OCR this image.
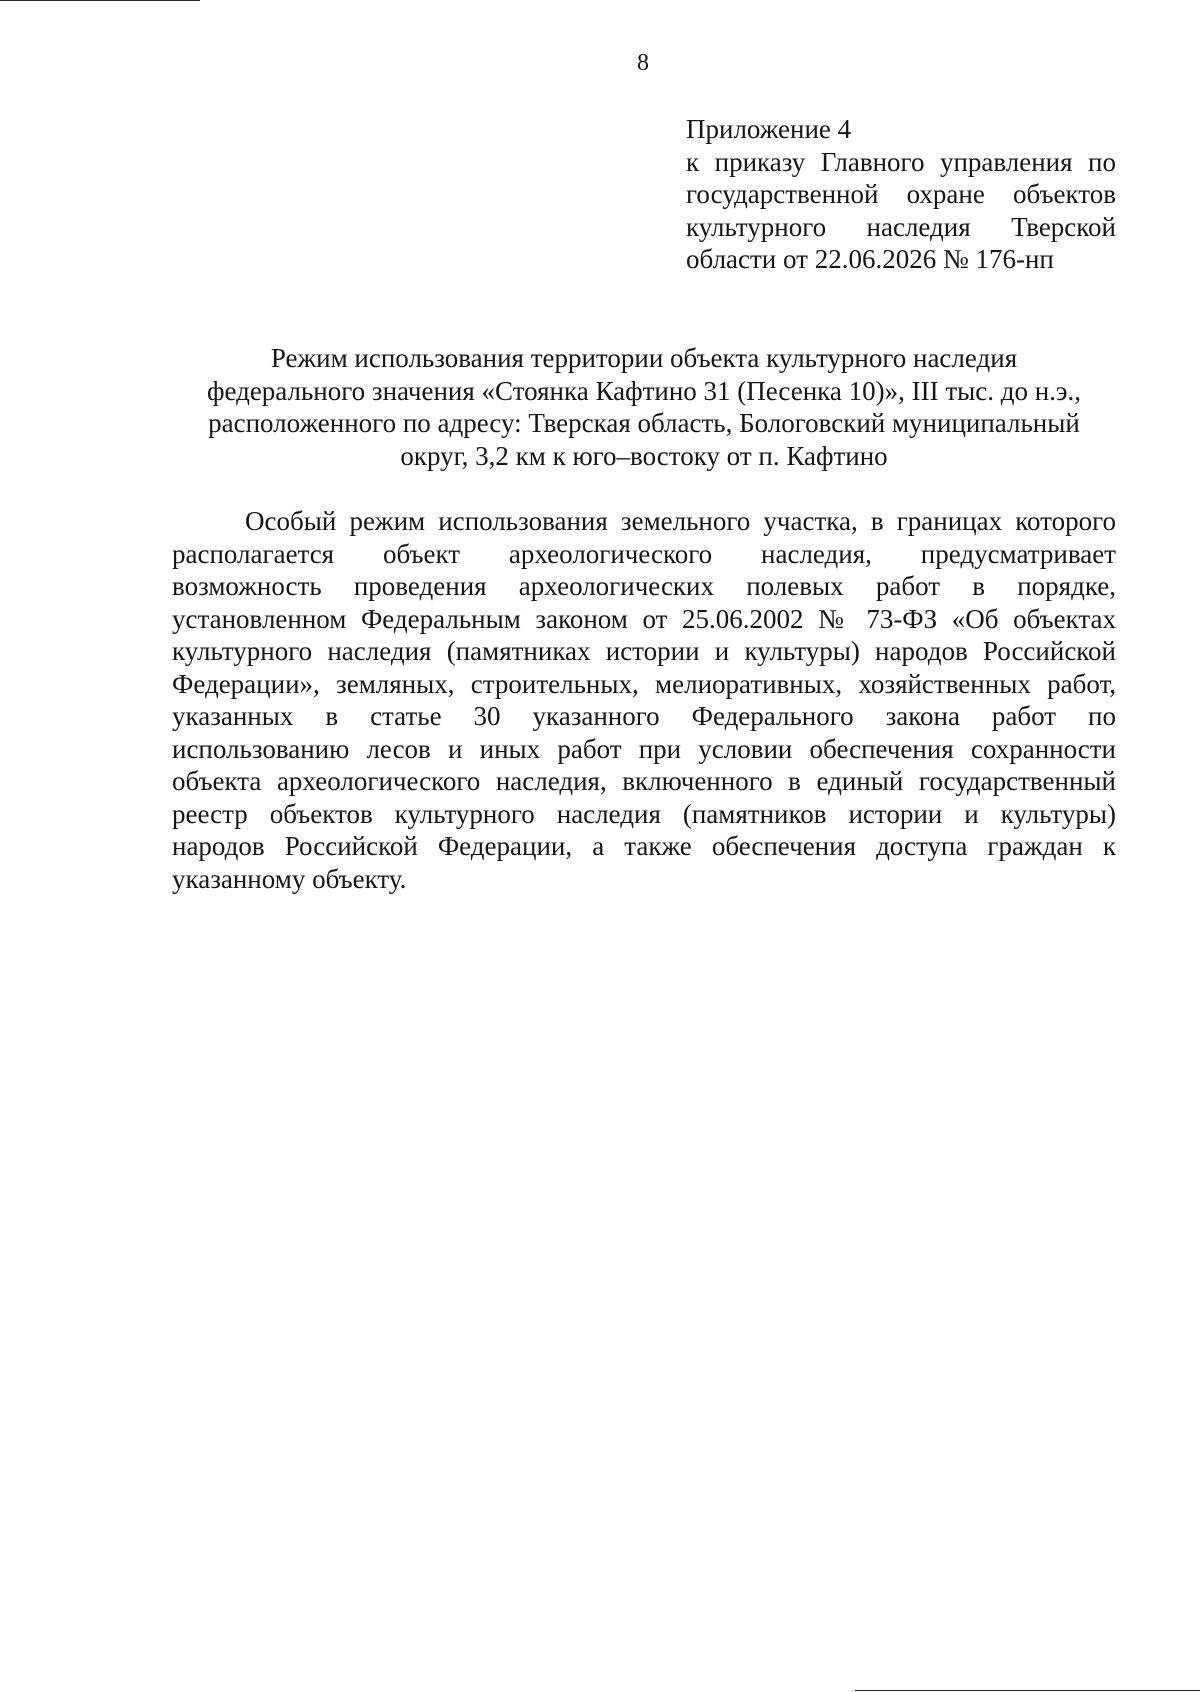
8
Приложение 4
к приказу Главного управления по
государственной охране объектов
культурного наследия Тверской
области от 22.06.2026 № 176-нп
Режим использования территории объекта культурного наследия
федерального значения «Стоянка Кафтино 31 (Песенка 10)», III тыс. до н.э.,
расположенного по адресу: Тверская область, Бологовский муниципальный
округ, 3,2 км к юго–востоку от п. Кафтино
Особый режим использования земельного участка, в границах которого
располагается объект археологического наследия, предусматривает
возможность проведения археологических полевых работ в порядке,
установленном Федеральным законом от 25.06.2002 № 73-ФЗ «Об объектах
культурного наследия (памятниках истории и культуры) народов Российской
Федерации», земляных, строительных, мелиоративных, хозяйственных работ,
указанных в статье 30 указанного Федерального закона работ по
использованию лесов и иных работ при условии обеспечения сохранности
объекта археологического наследия, включенного в единый государственный
реестр объектов культурного наследия (памятников истории и культуры)
народов Российской Федерации, а также обеспечения доступа граждан к
указанному объекту.
